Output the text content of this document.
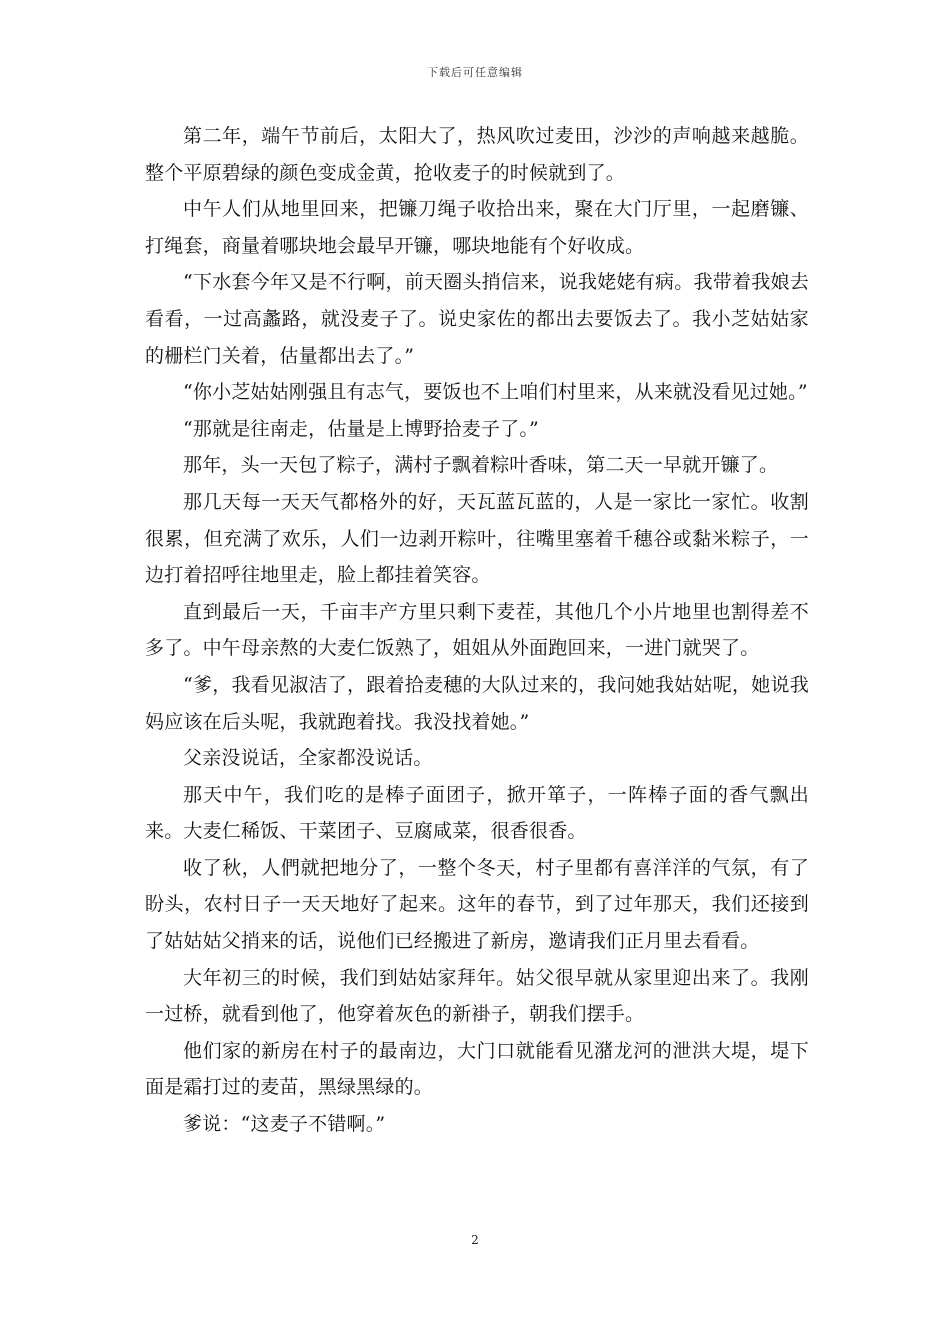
下载后可任意编辑

第二年，端午节前后，太阳大了，热风吹过麦田，沙沙的声响越来越脆。整个平原碧绿的颜色变成金黄，抢收麦子的时候就到了。

中午人们从地里回来，把镰刀绳子收拾出来，聚在大门厅里，一起磨镰、打绳套，商量着哪块地会最早开镰，哪块地能有个好收成。

“下水套今年又是不行啊，前天圈头捎信来，说我姥姥有病。我带着我娘去看看，一过高蠡路，就没麦子了。说史家佐的都出去要饭去了。我小芝姑姑家的栅栏门关着，估量都出去了。”

“你小芝姑姑刚强且有志气，要饭也不上咱们村里来，从来就没看见过她。”

“那就是往南走，估量是上博野拾麦子了。”

那年，头一天包了粽子，满村子飘着粽叶香味，第二天一早就开镰了。

那几天每一天天气都格外的好，天瓦蓝瓦蓝的，人是一家比一家忙。收割很累，但充满了欢乐，人们一边剥开粽叶，往嘴里塞着千穗谷或黏米粽子，一边打着招呼往地里走，脸上都挂着笑容。

直到最后一天，千亩丰产方里只剩下麦茬，其他几个小片地里也割得差不多了。中午母亲熬的大麦仁饭熟了，姐姐从外面跑回来，一进门就哭了。

“爹，我看见淑洁了，跟着拾麦穗的大队过来的，我问她我姑姑呢，她说我妈应该在后头呢，我就跑着找。我没找着她。”

父亲没说话，全家都没说话。

那天中午，我们吃的是棒子面团子，掀开箪子，一阵棒子面的香气飘出来。大麦仁稀饭、干菜团子、豆腐咸菜，很香很香。

收了秋，人們就把地分了，一整个冬天，村子里都有喜洋洋的气氛，有了盼头，农村日子一天天地好了起来。这年的春节，到了过年那天，我们还接到了姑姑姑父捎来的话，说他们已经搬进了新房，邀请我们正月里去看看。

大年初三的时候，我们到姑姑家拜年。姑父很早就从家里迎出来了。我刚一过桥，就看到他了，他穿着灰色的新褂子，朝我们摆手。

他们家的新房在村子的最南边，大门口就能看见潴龙河的泄洪大堤，堤下面是霜打过的麦苗，黑绿黑绿的。

爹说：“这麦子不错啊。”

2
